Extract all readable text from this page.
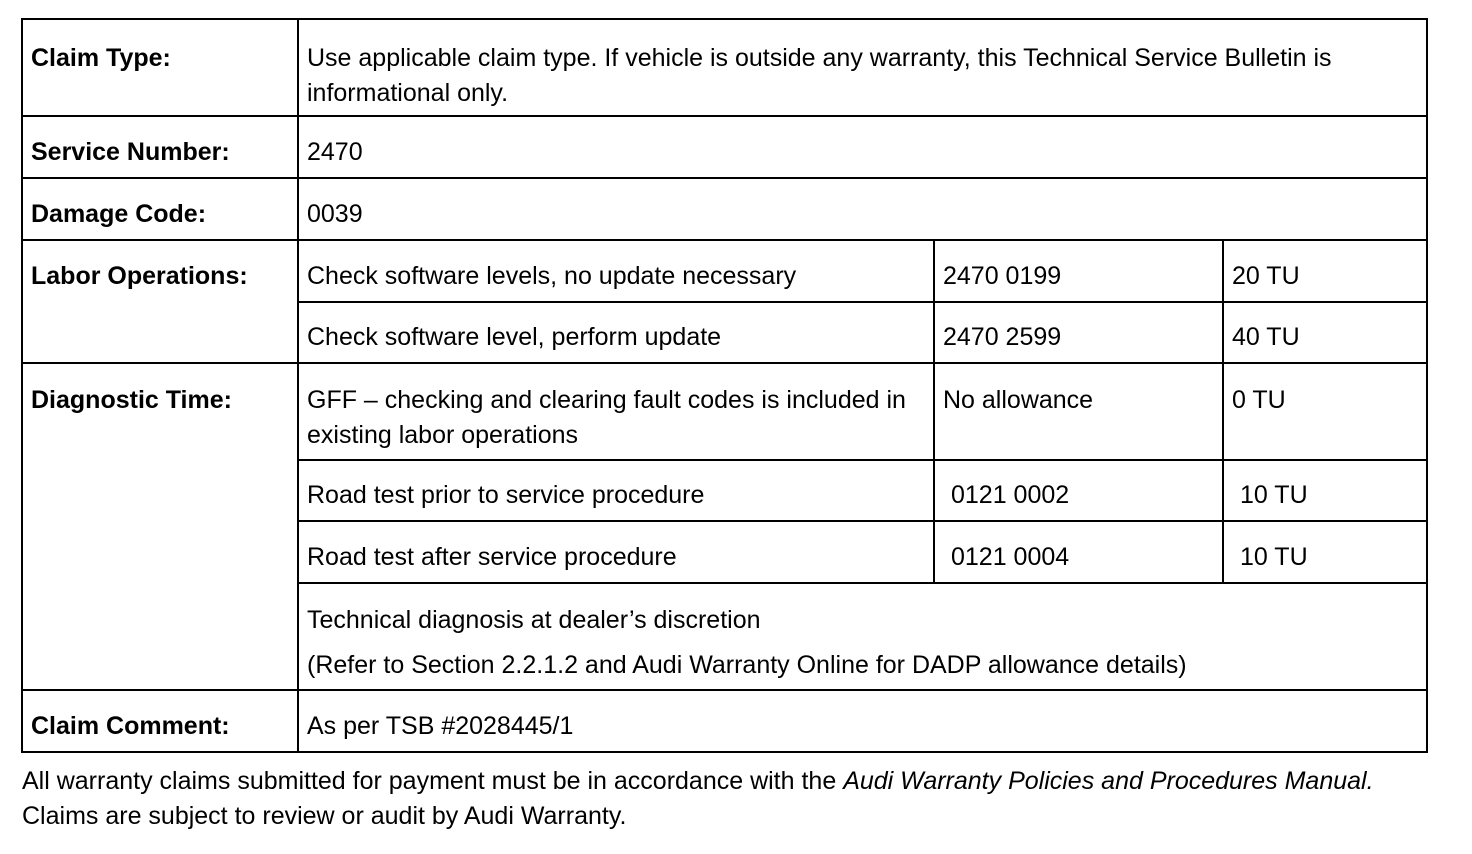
Claim Type:	Use applicable claim type. If vehicle is outside any warranty, this Technical Service Bulletin is informational only.		
Service Number:	2470		
Damage Code:	0039		
Labor Operations:	Check software levels, no update necessary	2470 0199	20 TU
	Check software level, perform update	2470 2599	40 TU
Diagnostic Time:	GFF – checking and clearing fault codes is included in existing labor operations	No allowance	0 TU
	Road test prior to service procedure	0121 0002	10 TU
	Road test after service procedure	0121 0004	10 TU
	Technical diagnosis at dealer’s discretion
(Refer to Section 2.2.1.2 and Audi Warranty Online for DADP allowance details)		

Claim Comment:	As per TSB #2028445/1		

All warranty claims submitted for payment must be in accordance with the Audi Warranty Policies and Procedures Manual. Claims are subject to review or audit by Audi Warranty.
